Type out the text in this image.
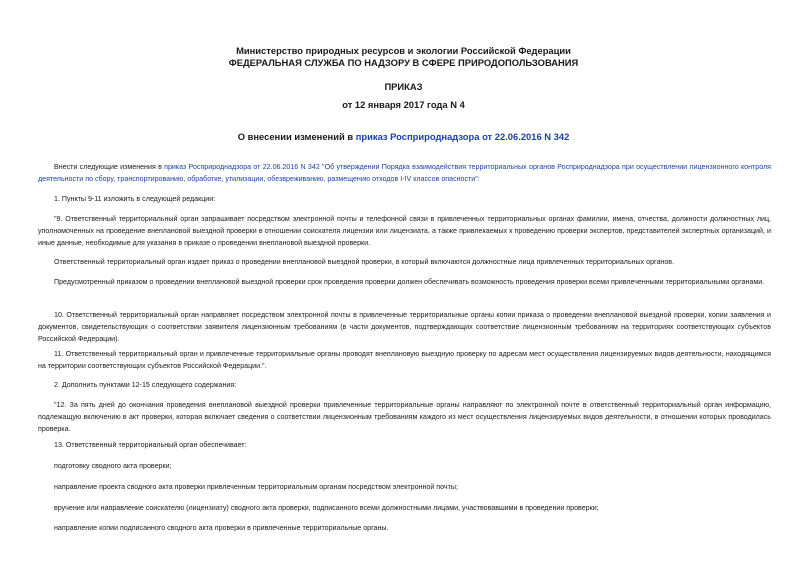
Министерство природных ресурсов и экологии Российской Федерации
ФЕДЕРАЛЬНАЯ СЛУЖБА ПО НАДЗОРУ В СФЕРЕ ПРИРОДОПОЛЬЗОВАНИЯ
ПРИКАЗ
от 12 января 2017 года N 4
О внесении изменений в приказ Росприроднадзора от 22.06.2016 N 342
Внести следующие изменения в приказ Росприроднадзора от 22.06.2016 N 342 "Об утверждении Порядка взаимодействия территориальных органов Росприроднадзора при осуществлении лицензионного контроля деятельности по сбору, транспортированию, обработке, утилизации, обезвреживанию, размещению отходов I-IV классов опасности":
1. Пункты 9-11 изложить в следующей редакции:
"9. Ответственный территориальный орган запрашивает посредством электронной почты и телефонной связи в привлеченных территориальных органах фамилии, имена, отчества, должности должностных лиц, уполномоченных на проведение внеплановой выездной проверки в отношении соискателя лицензии или лицензиата, а также привлекаемых к проведению проверки экспертов, представителей экспертных организаций, и иные данные, необходимые для указания в приказе о проведении внеплановой выездной проверки.
Ответственный территориальный орган издает приказ о проведении внеплановой выездной проверки, в который включаются должностные лица привлеченных территориальных органов.
Предусмотренный приказом о проведении внеплановой выездной проверки срок проведения проверки должен обеспечивать возможность проведения проверки всеми привлеченными территориальными органами.
10. Ответственный территориальный орган направляет посредством электронной почты в привлеченные территориальные органы копии приказа о проведении внеплановой выездной проверки, копии заявления и документов, свидетельствующих о соответствии заявителя лицензионным требованиям (в части документов, подтверждающих соответствие лицензионным требованиям на территориях соответствующих субъектов Российской Федерации).
11. Ответственный территориальный орган и привлеченные территориальные органы проводят внеплановую выездную проверку по адресам мест осуществления лицензируемых видов деятельности, находящимся на территории соответствующих субъектов Российской Федерации.".
2. Дополнить пунктами 12-15 следующего содержания:
"12. За пять дней до окончания проведения внеплановой выездной проверки привлеченные территориальные органы направляют по электронной почте в ответственный территориальный орган информацию, подлежащую включению в акт проверки, которая включает сведения о соответствии лицензионным требованиям каждого из мест осуществления лицензируемых видов деятельности, в отношении которых проводилась проверка.
13. Ответственный территориальный орган обеспечивает:
подготовку сводного акта проверки;
направление проекта сводного акта проверки привлеченным территориальным органам посредством электронной почты;
вручение или направление соискателю (лицензиату) сводного акта проверки, подписанного всеми должностными лицами, участвовавшими в проведении проверки;
направление копии подписанного сводного акта проверки в привлеченные территориальные органы.
